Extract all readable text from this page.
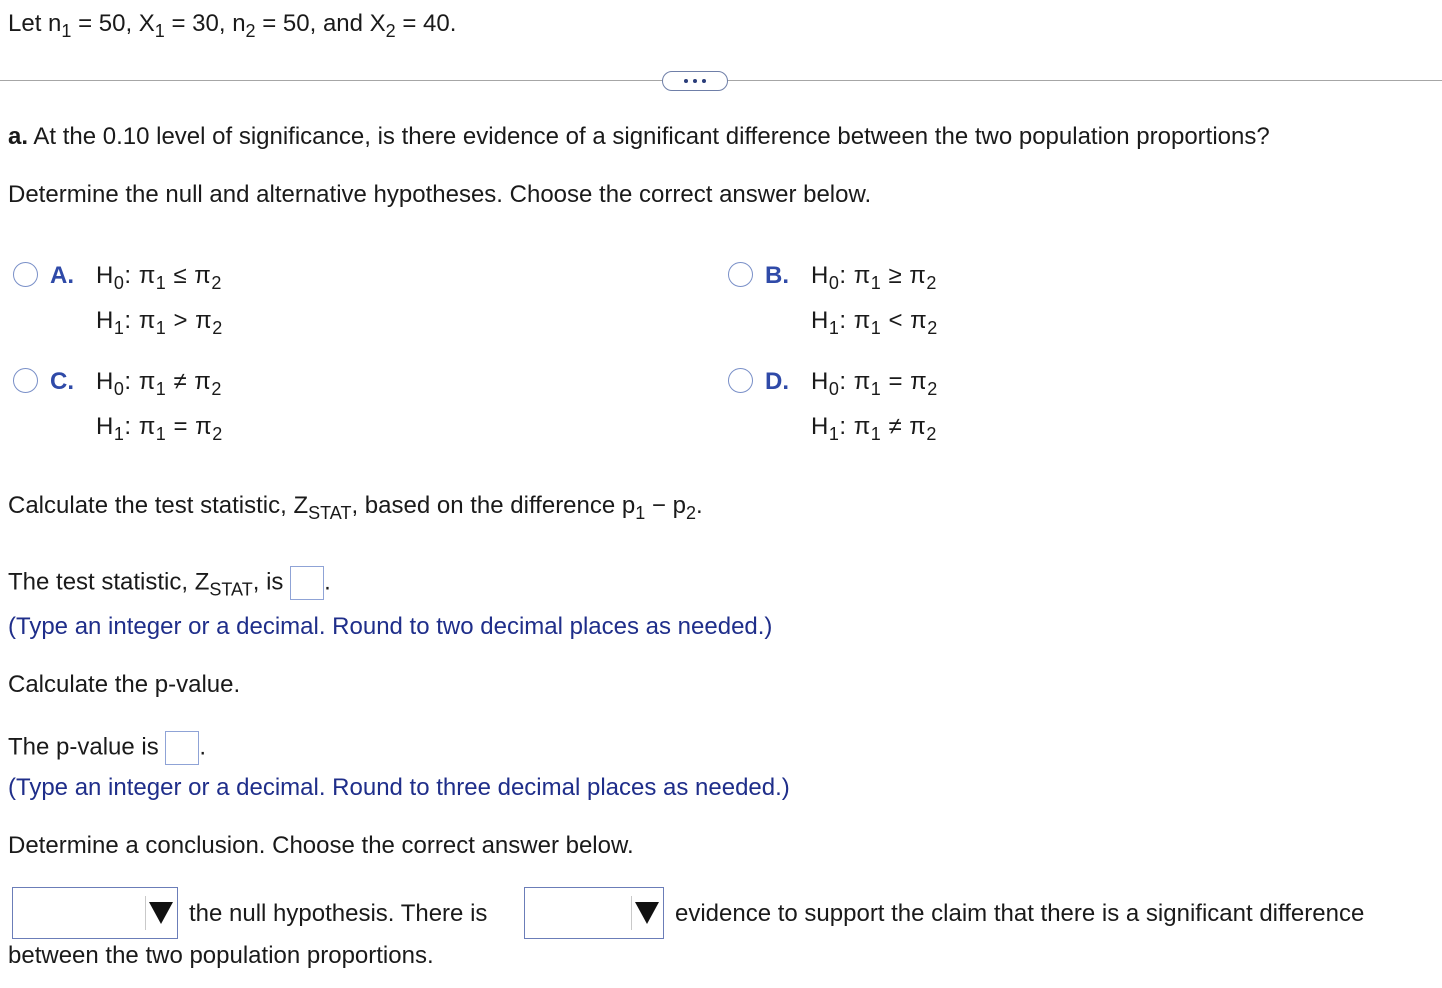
Let $n_1 = 50$, $X_1 = 30$, $n_2 = 50$, and $X_2 = 40$.
a. At the 0.10 level of significance, is there evidence of a significant difference between the two population proportions?
Determine the null and alternative hypotheses. Choose the correct answer below.
A. $H_0$: $\pi_1 \le \pi_2$
$H_1$: $\pi_1 > \pi_2$
B. $H_0$: $\pi_1 \ge \pi_2$
$H_1$: $\pi_1 < \pi_2$
C. $H_0$: $\pi_1 \ne \pi_2$
$H_1$: $\pi_1 = \pi_2$
D. $H_0$: $\pi_1 = \pi_2$
$H_1$: $\pi_1 \ne \pi_2$
Calculate the test statistic, $Z_{STAT}$, based on the difference $p_1 - p_2$.
The test statistic, $Z_{STAT}$, is .
(Type an integer or a decimal. Round to two decimal places as needed.)
Calculate the p-value.
The p-value is .
(Type an integer or a decimal. Round to three decimal places as needed.)
Determine a conclusion. Choose the correct answer below.
the null hypothesis. There is	evidence to support the claim that there is a significant difference
between the two population proportions.
